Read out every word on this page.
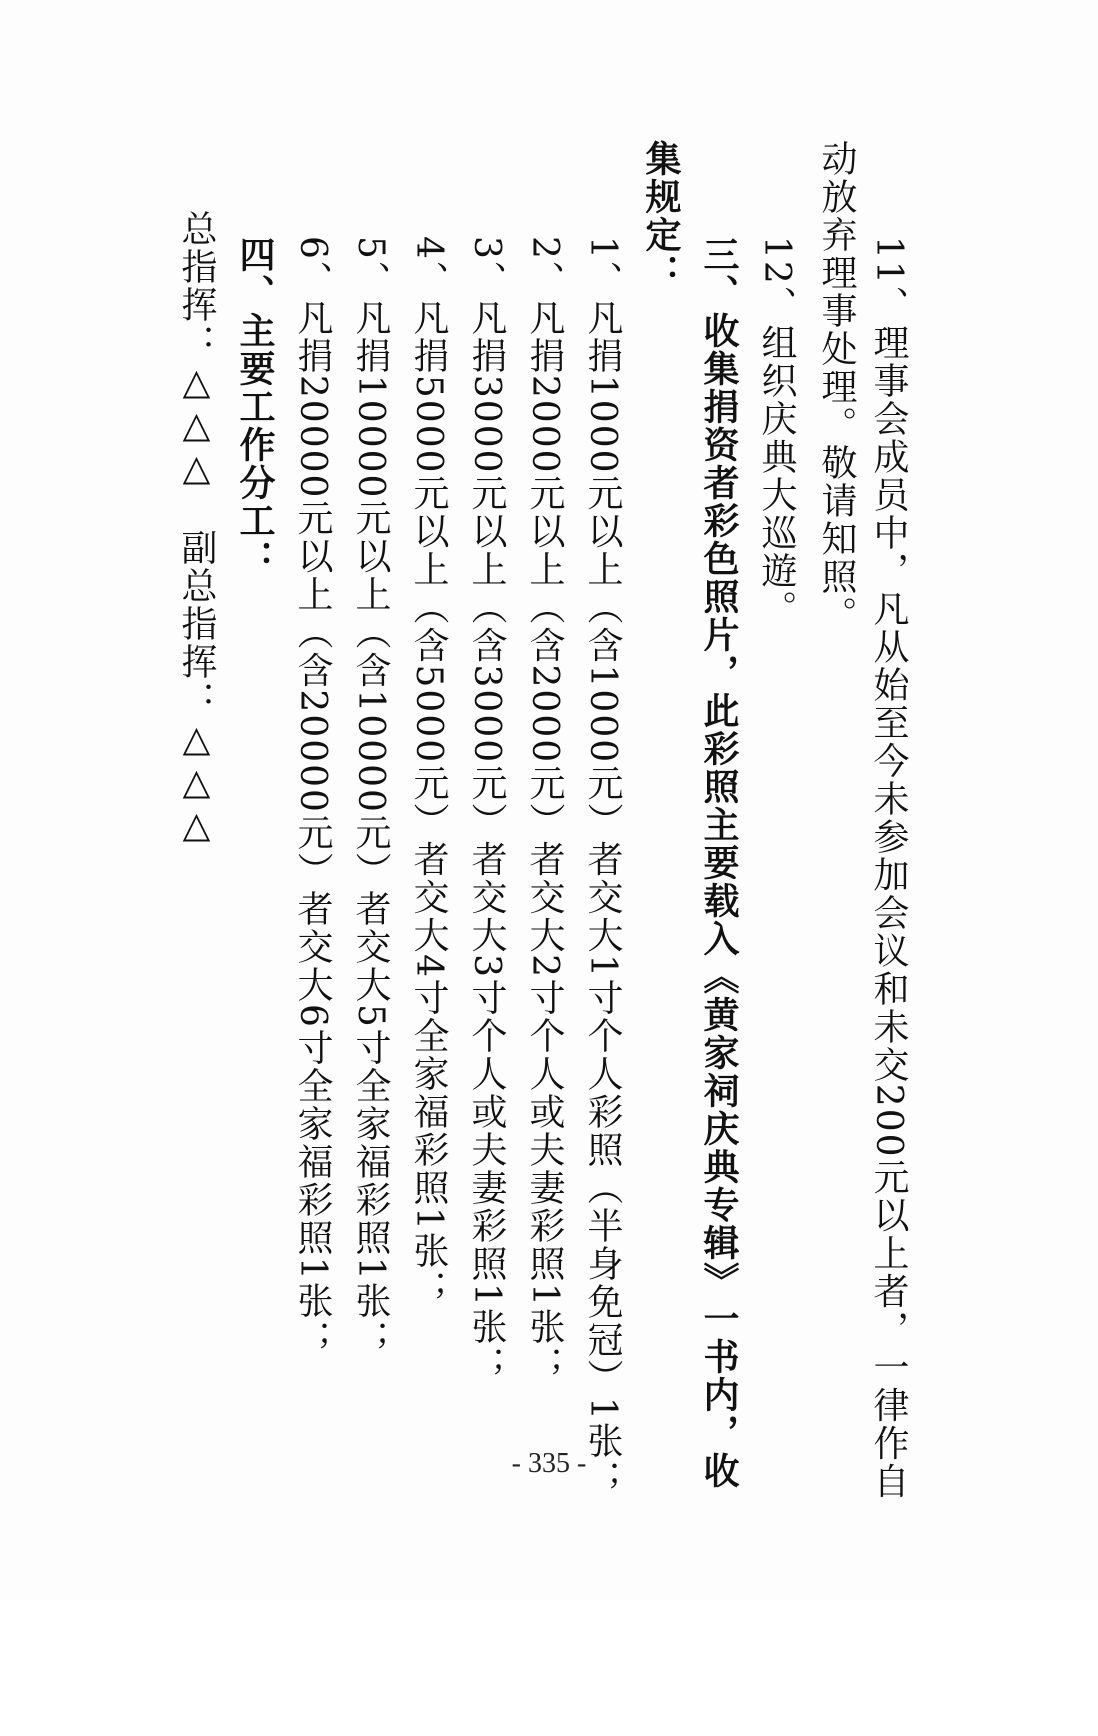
11、理事会成员中，凡从始至今未参加会议和未交200元以上者，一律作自
动放弃理事处理。敬请知照。
12、组织庆典大巡遊。
三、收集捐资者彩色照片，此彩照主要载入《黄家祠庆典专辑》一书内，收
集规定：
1、凡捐1000元以上（含1000元）者交大1寸个人彩照（半身免冠）1张；
2、凡捐2000元以上（含2000元）者交大2寸个人或夫妻彩照1张；
3、凡捐3000元以上（含3000元）者交大3寸个人或夫妻彩照1张；
4、凡捐5000元以上（含5000元）者交大4寸全家福彩照1张；
5、凡捐10000元以上（含10000元）者交大5寸全家福彩照1张；
6、凡捐20000元以上（含20000元）者交大6寸全家福彩照1张；
四、主要工作分工：
总指挥：△△△　副总指挥：△△△
- 335 -
